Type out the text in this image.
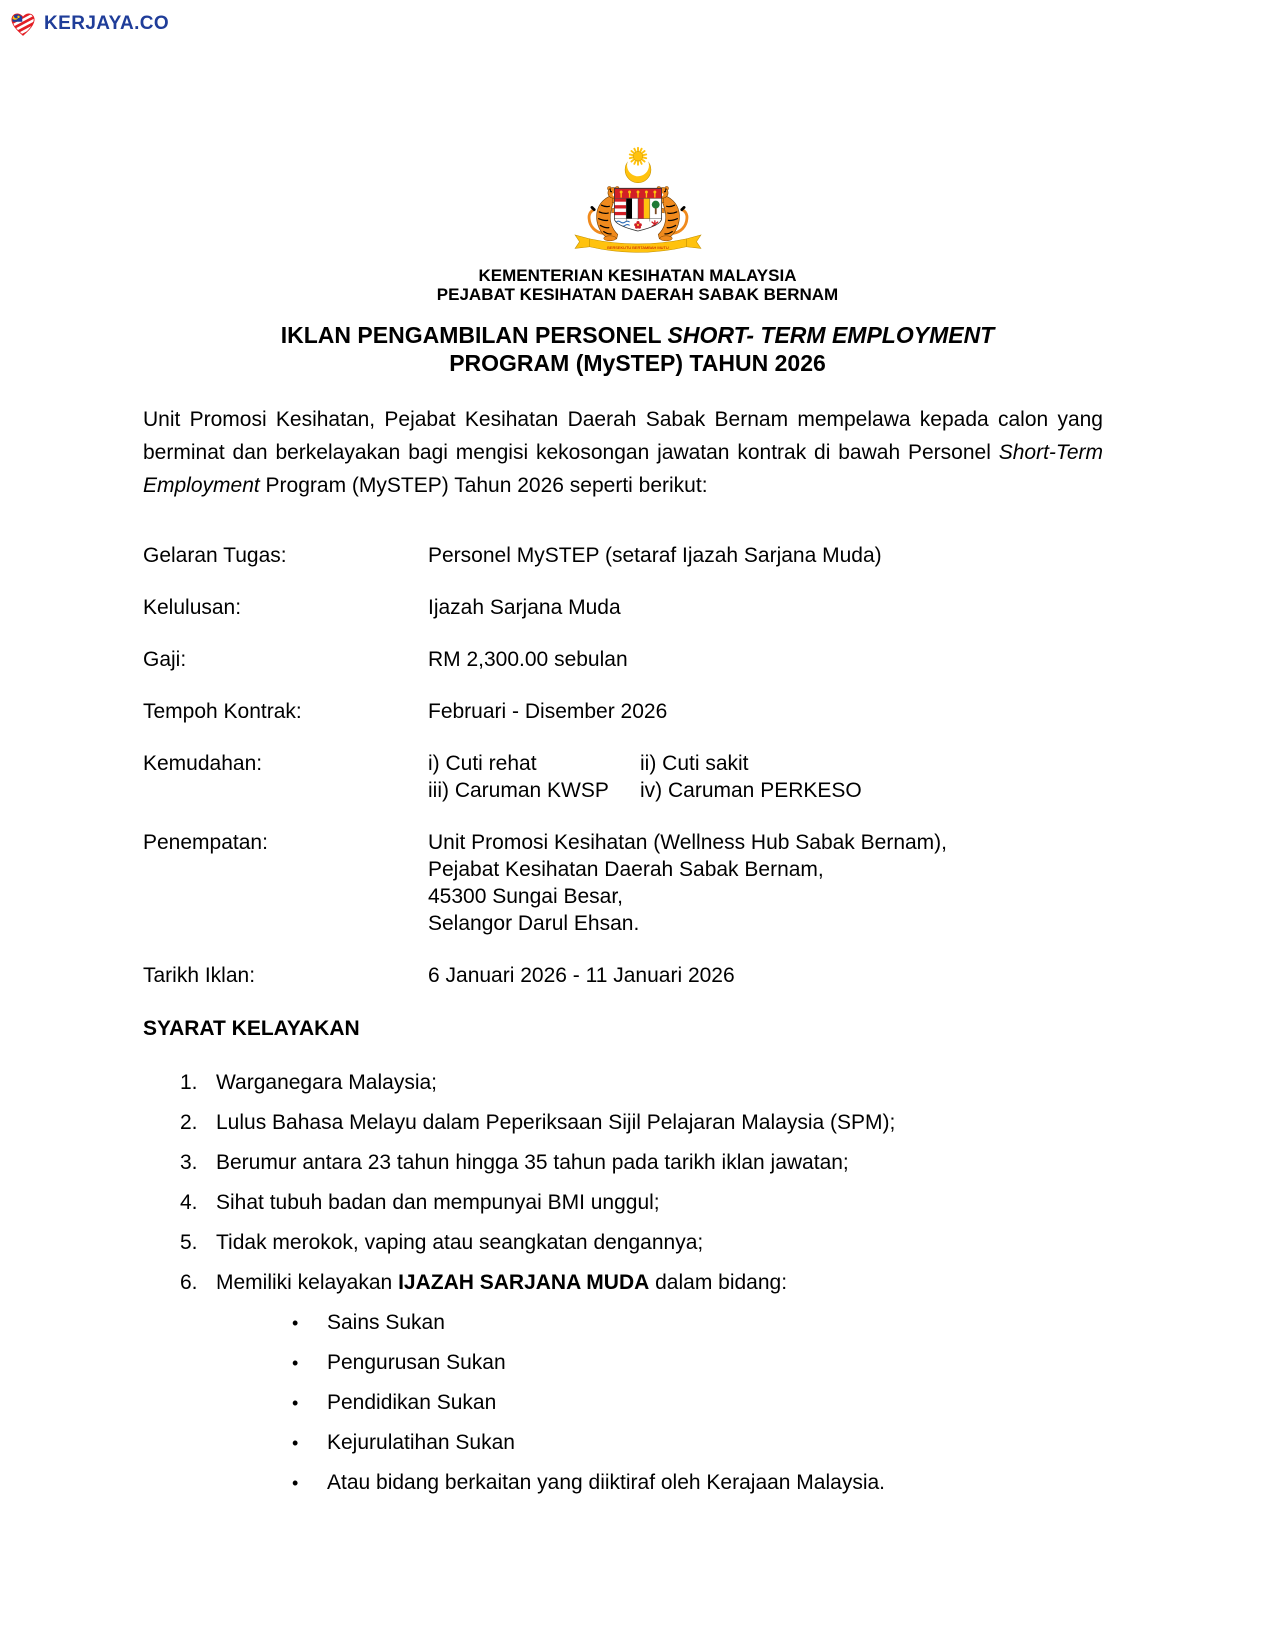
KERJAYA.CO
BERSEKUTU BERTAMBAH MUTU
KEMENTERIAN KESIHATAN MALAYSIA
PEJABAT KESIHATAN DAERAH SABAK BERNAM
IKLAN PENGAMBILAN PERSONEL SHORT- TERM EMPLOYMENT
PROGRAM (MySTEP) TAHUN 2026

Unit Promosi Kesihatan, Pejabat Kesihatan Daerah Sabak Bernam mempelawa kepada calon yang berminat dan berkelayakan bagi mengisi kekosongan jawatan kontrak di bawah Personel Short-Term Employment Program (MySTEP) Tahun 2026 seperti berikut:

Gelaran Tugas:	Personel MySTEP (setaraf Ijazah Sarjana Muda)
Kelulusan:	Ijazah Sarjana Muda
Gaji:	RM 2,300.00 sebulan
Tempoh Kontrak:	Februari - Disember 2026
Kemudahan:	i) Cuti rehat	ii) Cuti sakit
iii) Caruman KWSP	iv) Caruman PERKESO
Penempatan:	Unit Promosi Kesihatan (Wellness Hub Sabak Bernam),
Pejabat Kesihatan Daerah Sabak Bernam,
45300 Sungai Besar,
Selangor Darul Ehsan.
Tarikh Iklan:	6 Januari 2026 - 11 Januari 2026
SYARAT KELAYAKAN
1. Warganegara Malaysia;
2. Lulus Bahasa Melayu dalam Peperiksaan Sijil Pelajaran Malaysia (SPM);
3. Berumur antara 23 tahun hingga 35 tahun pada tarikh iklan jawatan;
4. Sihat tubuh badan dan mempunyai BMI unggul;
5. Tidak merokok, vaping atau seangkatan dengannya;
6. Memiliki kelayakan IJAZAH SARJANA MUDA dalam bidang:
•	Sains Sukan
•	Pengurusan Sukan
•	Pendidikan Sukan
•	Kejurulatihan Sukan
•	Atau bidang berkaitan yang diiktiraf oleh Kerajaan Malaysia.
